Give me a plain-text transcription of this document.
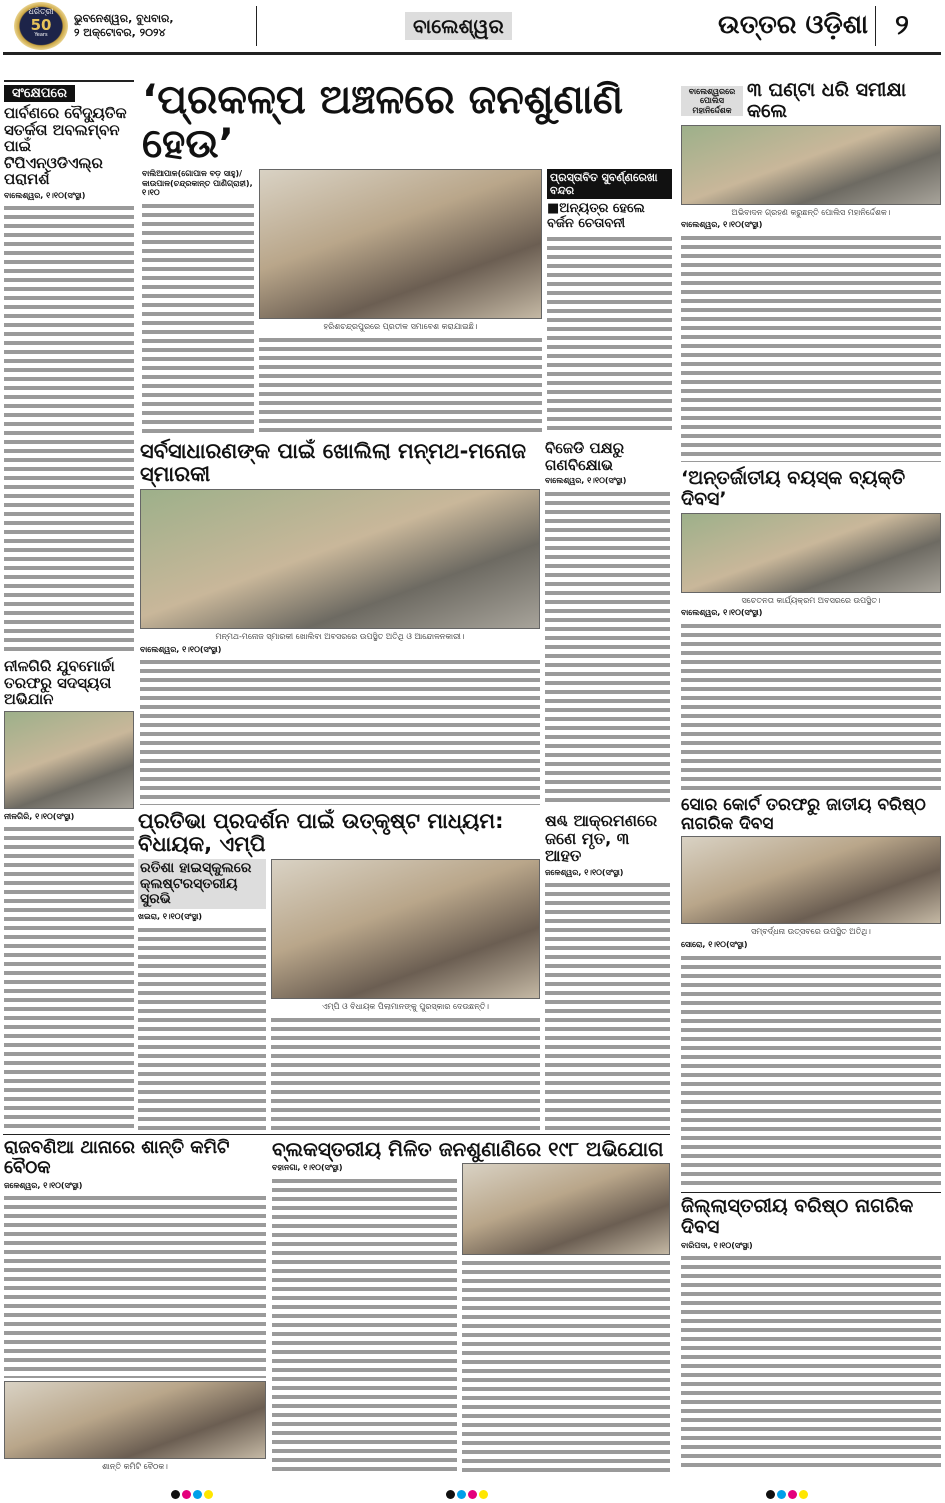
ଧରିତ୍ରୀ
50
Years
ଭୁବନେଶ୍ୱର, ବୁଧବାର,
୨ ଅକ୍ଟୋବର, ୨୦୨୪	ବାଲେଶ୍ୱର	ଉତ୍ତର ଓଡ଼ିଶା ୨
ସଂକ୍ଷେପରେ
ପାର୍ବଣରେ ବୈଦ୍ୟୁତିକ ସତର୍କତା ଅବଲମ୍ବନ ପାଇଁ ଟିପିଏନ୍ଓଡିଏଲ୍ର ପରାମର୍ଶ
ବାଲେଶ୍ୱର, ୧।୧୦(ସଂସ୍ଥା)
ନୀଳଗିରି ଯୁବମୋର୍ଚ୍ଚା ତରଫରୁ ସଦସ୍ୟତା ଅଭିଯାନ
ନୀଳଗିରି, ୧।୧୦(ସଂସ୍ଥା)
‘ପ୍ରକଳ୍ପ ଅଞ୍ଚଳରେ ଜନଶୁଣାଣି ହେଉ’
ବାଲିଆପାଳ(ଗୋପାଳ ବଡ଼ ସାହୁ)/ କାଉପାଳ(ଚନ୍ଦ୍ରକାନ୍ତ ପାଣିଗ୍ରାହୀ), ୧।୧୦
ହରିଶଚନ୍ଦ୍ରପୁରରେ ପ୍ରତୀକ ସମାବେଶ କରାଯାଇଛି।
ପ୍ରସ୍ତାବିତ ସୁବର୍ଣ୍ଣରେଖା ବନ୍ଦର
■ଅନ୍ୟତ୍ର ହେଲେ ବର୍ଜନ ଚେତାବନୀ
ବାଲେଶ୍ୱରରେ ପୋଲିସ ମହାନିର୍ଦ୍ଦେଶକ
୩ ଘଣ୍ଟା ଧରି ସମୀକ୍ଷା କଲେ
ଅଭିବାଦନ ଗ୍ରହଣ କରୁଛନ୍ତି ପୋଲିସ ମହାନିର୍ଦ୍ଦେଶକ।
ବାଲେଶ୍ୱର, ୧।୧୦(ସଂସ୍ଥା)
ସର୍ବସାଧାରଣଙ୍କ ପାଇଁ ଖୋଲିଲା ମନ୍ମଥ-ମନୋଜ ସ୍ମାରକୀ
ମନ୍ମଥ-ମନୋଜ ସ୍ମାରକୀ ଖୋଲିବା ଅବସରରେ ଉପସ୍ଥିତ ଅତିଥି ଓ ଆନ୍ଦୋଳନକାରୀ।
ବାଲେଶ୍ୱର, ୧।୧୦(ସଂସ୍ଥା)
ବିଜେଡି ପକ୍ଷରୁ ଗଣବିକ୍ଷୋଭ
ବାଲେଶ୍ୱର, ୧।୧୦(ସଂସ୍ଥା)	‘ଅନ୍ତର୍ଜାତୀୟ ବୟସ୍କ ବ୍ୟକ୍ତି ଦିବସ’
ସଚେତନତା କାର୍ଯ୍ୟକ୍ରମ ଅବସରରେ ଉପସ୍ଥିତ।
ବାଲେଶ୍ୱର, ୧।୧୦(ସଂସ୍ଥା)
ପ୍ରତିଭା ପ୍ରଦର୍ଶନ ପାଇଁ ଉତ୍କୃଷ୍ଟ ମାଧ୍ୟମ: ବିଧାୟକ, ଏମ୍ପି
ରତିଶା ହାଇସ୍କୁଲରେ କ୍ଲଷ୍ଟରସ୍ତରୀୟ ସୁରଭି
ଖଇରା, ୧।୧୦(ସଂସ୍ଥା)
ଏମ୍ପି ଓ ବିଧାୟକ ପିଲାମାନଙ୍କୁ ପୁରସ୍କାର ଦେଉଛନ୍ତି।
ଷଣ୍ଢ ଆକ୍ରମଣରେ ଜଣେ ମୃତ, ୩ ଆହତ
ଜଳେଶ୍ୱର, ୧।୧୦(ସଂସ୍ଥା)
ସୋର କୋର୍ଟ ତରଫରୁ ଜାତୀୟ ବରିଷ୍ଠ ନାଗରିକ ଦିବସ
ସମ୍ବର୍ଦ୍ଧନା ଉତ୍ସବରେ ଉପସ୍ଥିତ ଅତିଥି।
ସୋରୋ, ୧।୧୦(ସଂସ୍ଥା)
ରାଜବଣିଆ ଥାନାରେ ଶାନ୍ତି କମିଟି ବୈଠକ
ଜଳେଶ୍ୱର, ୧।୧୦(ସଂସ୍ଥା)
ଶାନ୍ତି କମିଟି ବୈଠକ।
ବ୍ଲକସ୍ତରୀୟ ମିଳିତ ଜନଶୁଣାଣିରେ ୧୯୮ ଅଭିଯୋଗ
ବହାନଗା, ୧।୧୦(ସଂସ୍ଥା)
ଜିଲ୍ଲାସ୍ତରୀୟ ବରିଷ୍ଠ ନାଗରିକ ଦିବସ
ବାରିପଦା, ୧।୧୦(ସଂସ୍ଥା)
